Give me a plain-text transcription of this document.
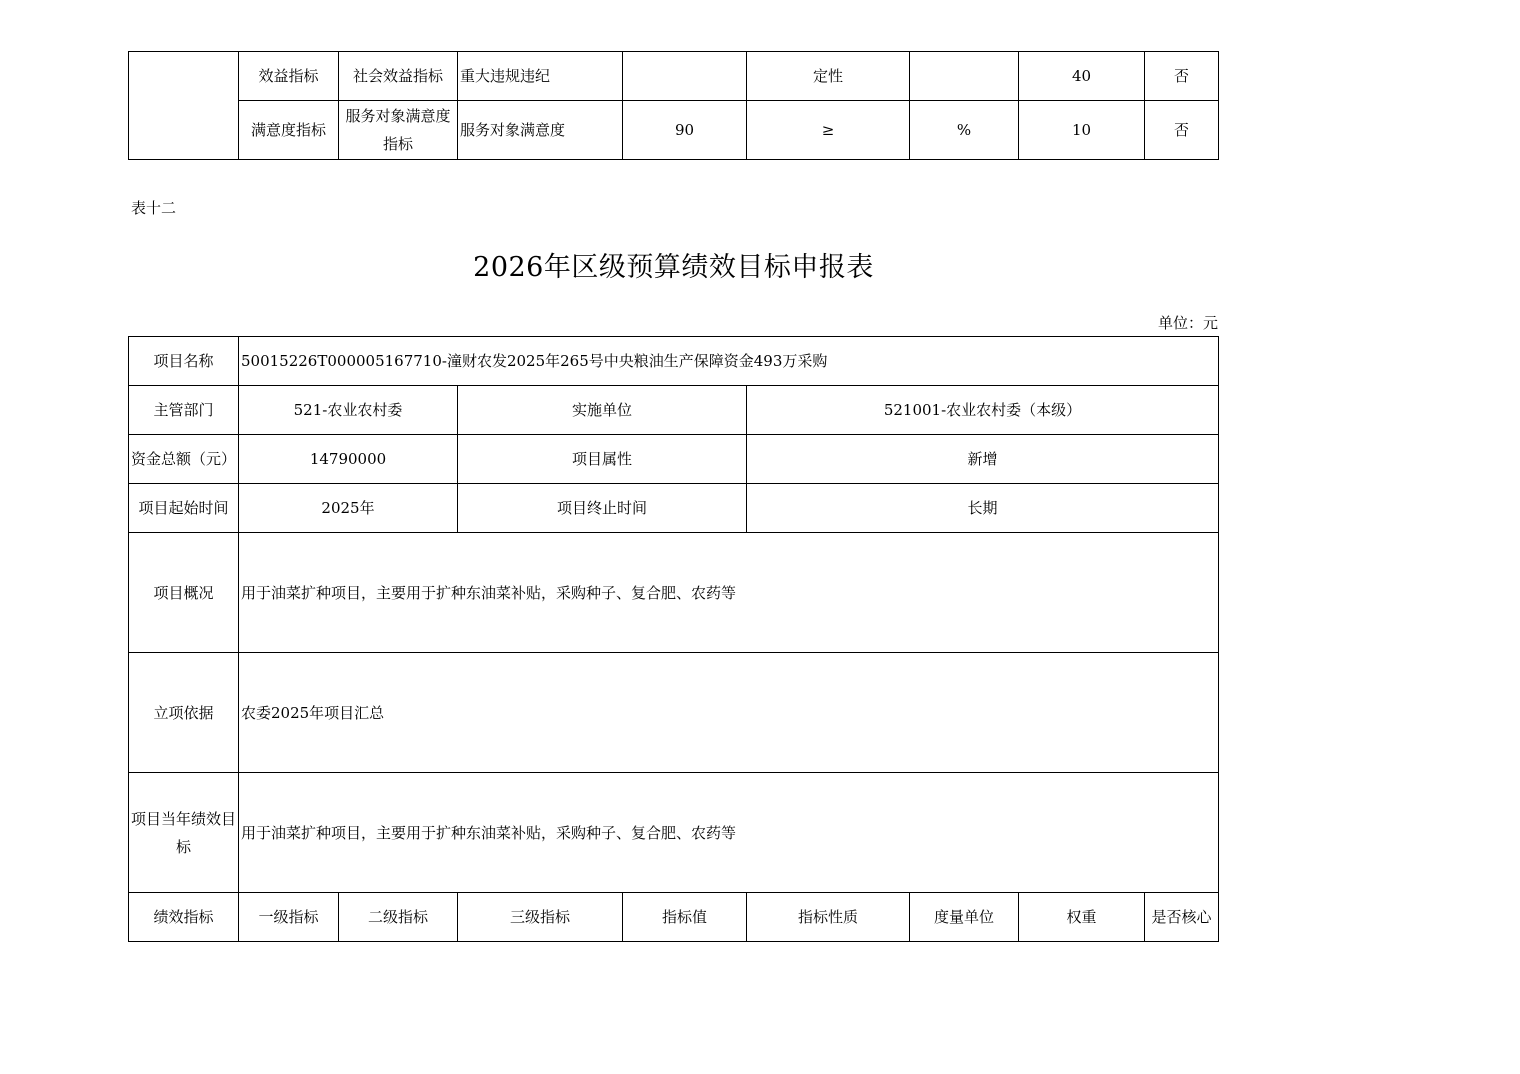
	效益指标	社会效益指标	重大违规违纪		定性		40	否
	满意度指标	服务对象满意度指标	服务对象满意度	90	≥	%	10	否
表十二
2026年区级预算绩效目标申报表
单位：元
项目名称	50015226T000005167710-潼财农发2025年265号中央粮油生产保障资金493万采购							
主管部门	521-农业农村委		实施单位		521001-农业农村委（本级）			
资金总额（元）	14790000		项目属性		新增			
项目起始时间	2025年		项目终止时间		长期			
项目概况	用于油菜扩种项目，主要用于扩种东油菜补贴，采购种子、复合肥、农药等							
立项依据	农委2025年项目汇总							
项目当年绩效目标	用于油菜扩种项目，主要用于扩种东油菜补贴，采购种子、复合肥、农药等							
绩效指标	一级指标	二级指标	三级指标	指标值	指标性质	度量单位	权重	是否核心
